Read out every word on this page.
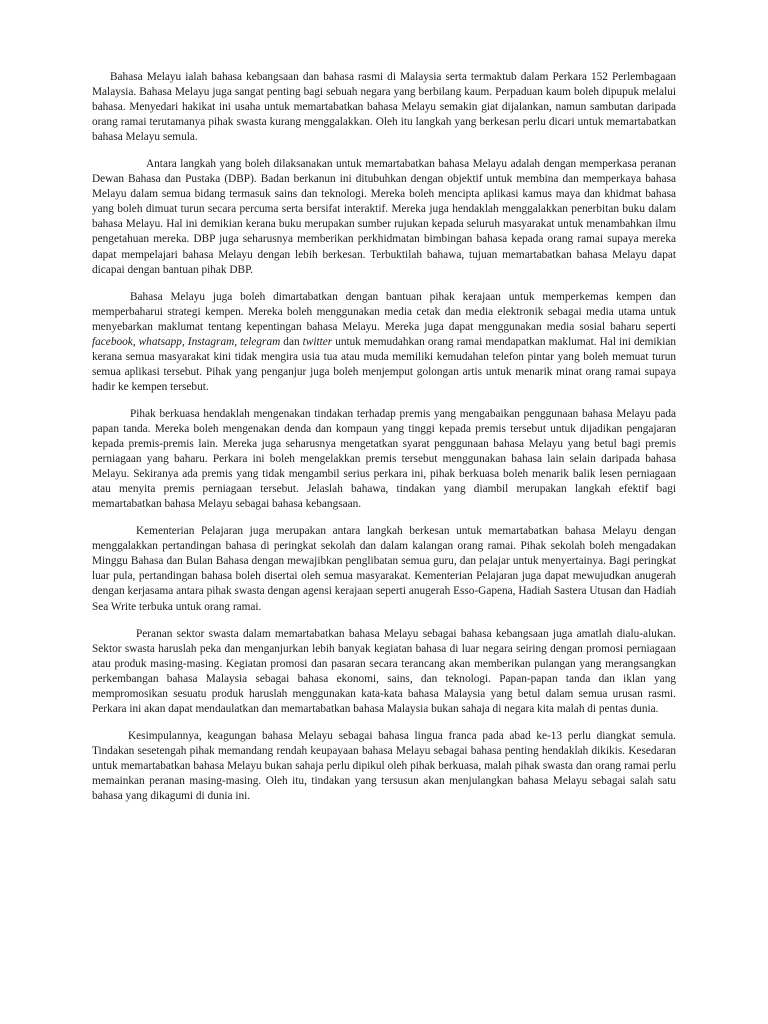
Bahasa Melayu ialah bahasa kebangsaan dan bahasa rasmi di Malaysia serta termaktub dalam Perkara 152 Perlembagaan Malaysia. Bahasa Melayu juga sangat penting bagi sebuah negara yang berbilang kaum. Perpaduan kaum boleh dipupuk melalui bahasa. Menyedari hakikat ini usaha untuk memartabatkan bahasa Melayu semakin giat dijalankan, namun sambutan daripada orang ramai terutamanya pihak swasta kurang menggalakkan. Oleh itu langkah yang berkesan perlu dicari untuk memartabatkan bahasa Melayu semula.

Antara langkah yang boleh dilaksanakan untuk memartabatkan bahasa Melayu adalah dengan memperkasa peranan Dewan Bahasa dan Pustaka (DBP). Badan berkanun ini ditubuhkan dengan objektif untuk membina dan memperkaya bahasa Melayu dalam semua bidang termasuk sains dan teknologi. Mereka boleh mencipta aplikasi kamus maya dan khidmat bahasa yang boleh dimuat turun secara percuma serta bersifat interaktif. Mereka juga hendaklah menggalakkan penerbitan buku dalam bahasa Melayu. Hal ini demikian kerana buku merupakan sumber rujukan kepada seluruh masyarakat untuk menambahkan ilmu pengetahuan mereka. DBP juga seharusnya memberikan perkhidmatan bimbingan bahasa kepada orang ramai supaya mereka dapat mempelajari bahasa Melayu dengan lebih berkesan. Terbuktilah bahawa, tujuan memartabatkan bahasa Melayu dapat dicapai dengan bantuan pihak DBP.

Bahasa Melayu juga boleh dimartabatkan dengan bantuan pihak kerajaan untuk memperkemas kempen dan memperbaharui strategi kempen. Mereka boleh menggunakan media cetak dan media elektronik sebagai media utama untuk menyebarkan maklumat tentang kepentingan bahasa Melayu. Mereka juga dapat menggunakan media sosial baharu seperti facebook, whatsapp, Instagram, telegram dan twitter untuk memudahkan orang ramai mendapatkan maklumat. Hal ini demikian kerana semua masyarakat kini tidak mengira usia tua atau muda memiliki kemudahan telefon pintar yang boleh memuat turun semua aplikasi tersebut. Pihak yang penganjur juga boleh menjemput golongan artis untuk menarik minat orang ramai supaya hadir ke kempen tersebut.

Pihak berkuasa hendaklah mengenakan tindakan terhadap premis yang mengabaikan penggunaan bahasa Melayu pada papan tanda. Mereka boleh mengenakan denda dan kompaun yang tinggi kepada premis tersebut untuk dijadikan pengajaran kepada premis-premis lain. Mereka juga seharusnya mengetatkan syarat penggunaan bahasa Melayu yang betul bagi premis perniagaan yang baharu. Perkara ini boleh mengelakkan premis tersebut menggunakan bahasa lain selain daripada bahasa Melayu. Sekiranya ada premis yang tidak mengambil serius perkara ini, pihak berkuasa boleh menarik balik lesen perniagaan atau menyita premis perniagaan tersebut. Jelaslah bahawa, tindakan yang diambil merupakan langkah efektif bagi memartabatkan bahasa Melayu sebagai bahasa kebangsaan.

Kementerian Pelajaran juga merupakan antara langkah berkesan untuk memartabatkan bahasa Melayu dengan menggalakkan pertandingan bahasa di peringkat sekolah dan dalam kalangan orang ramai. Pihak sekolah boleh mengadakan Minggu Bahasa dan Bulan Bahasa dengan mewajibkan penglibatan semua guru, dan pelajar untuk menyertainya. Bagi peringkat luar pula, pertandingan bahasa boleh disertai oleh semua masyarakat. Kementerian Pelajaran juga dapat mewujudkan anugerah dengan kerjasama antara pihak swasta dengan agensi kerajaan seperti anugerah Esso-Gapena, Hadiah Sastera Utusan dan Hadiah Sea Write terbuka untuk orang ramai.

Peranan sektor swasta dalam memartabatkan bahasa Melayu sebagai bahasa kebangsaan juga amatlah dialu-alukan. Sektor swasta haruslah peka dan menganjurkan lebih banyak kegiatan bahasa di luar negara seiring dengan promosi perniagaan atau produk masing-masing. Kegiatan promosi dan pasaran secara terancang akan memberikan pulangan yang merangsangkan perkembangan bahasa Malaysia sebagai bahasa ekonomi, sains, dan teknologi. Papan-papan tanda dan iklan yang mempromosikan sesuatu produk haruslah menggunakan kata-kata bahasa Malaysia yang betul dalam semua urusan rasmi. Perkara ini akan dapat mendaulatkan dan memartabatkan bahasa Malaysia bukan sahaja di negara kita malah di pentas dunia.

Kesimpulannya, keagungan bahasa Melayu sebagai bahasa lingua franca pada abad ke-13 perlu diangkat semula. Tindakan sesetengah pihak memandang rendah keupayaan bahasa Melayu sebagai bahasa penting hendaklah dikikis. Kesedaran untuk memartabatkan bahasa Melayu bukan sahaja perlu dipikul oleh pihak berkuasa, malah pihak swasta dan orang ramai perlu memainkan peranan masing-masing. Oleh itu, tindakan yang tersusun akan menjulangkan bahasa Melayu sebagai salah satu bahasa yang dikagumi di dunia ini.
